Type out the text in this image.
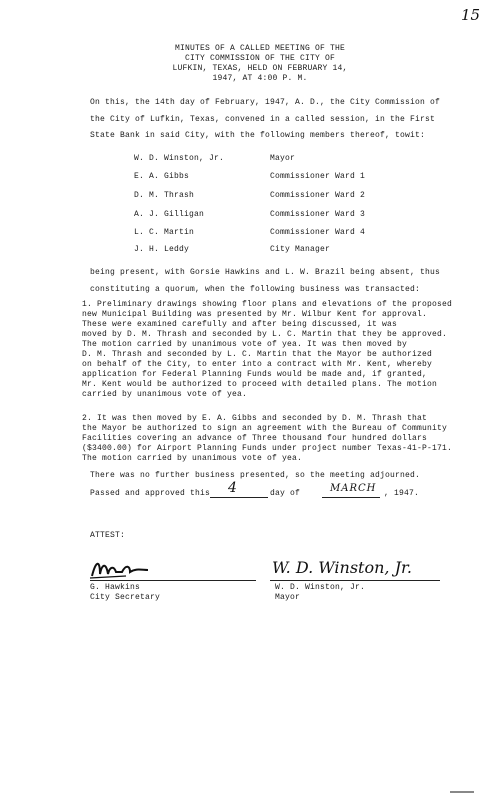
15
MINUTES OF A CALLED MEETING OF THE
CITY COMMISSION OF THE CITY OF
LUFKIN, TEXAS, HELD ON FEBRUARY 14,
1947, AT 4:00 P. M.
On this, the 14th day of February, 1947, A. D., the City Commission of
the City of Lufkin, Texas, convened in a called session, in the First
State Bank in said City, with the following members thereof, towit:
W. D. Winston, Jr.	Mayor
E. A. Gibbs	Commissioner Ward 1
D. M. Thrash	Commissioner Ward 2
A. J. Gilligan	Commissioner Ward 3
L. C. Martin	Commissioner Ward 4
J. H. Leddy	City Manager
being present, with Gorsie Hawkins and L. W. Brazil being absent, thus
constituting a quorum, when the following business was transacted:
1. Preliminary drawings showing floor plans and elevations of the proposed
new Municipal Building was presented by Mr. Wilbur Kent for approval.
These were examined carefully and after being discussed, it was
moved by D. M. Thrash and seconded by L. C. Martin that they be approved.
The motion carried by unanimous vote of yea. It was then moved by
D. M. Thrash and seconded by L. C. Martin that the Mayor be authorized
on behalf of the City, to enter into a contract with Mr. Kent, whereby
application for Federal Planning Funds would be made and, if granted,
Mr. Kent would be authorized to proceed with detailed plans. The motion
carried by unanimous vote of yea.
2. It was then moved by E. A. Gibbs and seconded by D. M. Thrash that
the Mayor be authorized to sign an agreement with the Bureau of Community
Facilities covering an advance of Three thousand four hundred dollars
($3400.00) for Airport Planning Funds under project number Texas-41-P-171.
The motion carried by unanimous vote of yea.
There was no further business presented, so the meeting adjourned.
Passed and approved this 4	day of	MARCH , 1947.
ATTEST:
G. Hawkins
City Secretary
W. D. Winston, Jr.
W. D. Winston, Jr.
Mayor
